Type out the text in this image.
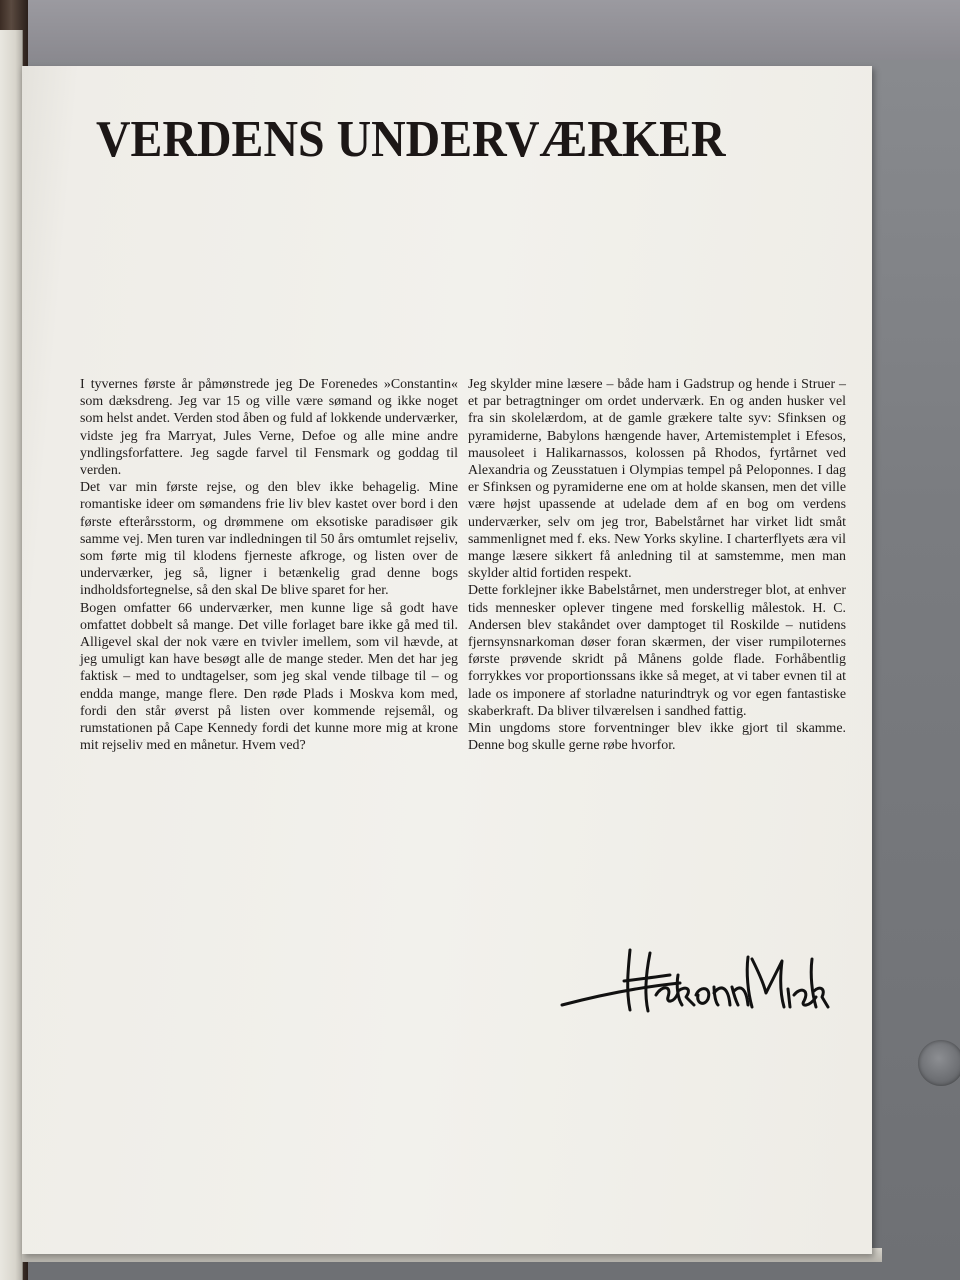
VERDENS UNDERVÆRKER

I tyvernes første år påmønstrede jeg De Forenedes »Constantin« som dæksdreng. Jeg var 15 og ville være sømand og ikke noget som helst andet. Verden stod åben og fuld af lokkende underværker, vidste jeg fra Marryat, Jules Verne, Defoe og alle mine andre yndlingsforfattere. Jeg sagde farvel til Fensmark og goddag til verden.

Det var min første rejse, og den blev ikke behagelig. Mine romantiske ideer om sømandens frie liv blev kastet over bord i den første efterårsstorm, og drømmene om eksotiske paradisøer gik samme vej. Men turen var indledningen til 50 års omtumlet rejseliv, som førte mig til klodens fjerneste afkroge, og listen over de underværker, jeg så, ligner i betænkelig grad denne bogs indholdsfortegnelse, så den skal De blive sparet for her.

Bogen omfatter 66 underværker, men kunne lige så godt have omfattet dobbelt så mange. Det ville forlaget bare ikke gå med til. Alligevel skal der nok være en tvivler imellem, som vil hævde, at jeg umuligt kan have besøgt alle de mange steder. Men det har jeg faktisk – med to undtagelser, som jeg skal vende tilbage til – og endda mange, mange flere. Den røde Plads i Moskva kom med, fordi den står øverst på listen over kommende rejsemål, og rumstationen på Cape Kennedy fordi det kunne more mig at krone mit rejseliv med en månetur. Hvem ved?

Jeg skylder mine læsere – både ham i Gadstrup og hende i Struer – et par betragtninger om ordet underværk. En og anden husker vel fra sin skolelærdom, at de gamle grækere talte syv: Sfinksen og pyramiderne, Babylons hængende haver, Artemistemplet i Efesos, mausoleet i Halikarnassos, kolossen på Rhodos, fyrtårnet ved Alexandria og Zeusstatuen i Olympias tempel på Peloponnes. I dag er Sfinksen og pyramiderne ene om at holde skansen, men det ville være højst upassende at udelade dem af en bog om verdens underværker, selv om jeg tror, Babelstårnet har virket lidt småt sammenlignet med f. eks. New Yorks skyline. I charterflyets æra vil mange læsere sikkert få anledning til at samstemme, men man skylder altid fortiden respekt.

Dette forklejner ikke Babelstårnet, men understreger blot, at enhver tids mennesker oplever tingene med forskellig målestok. H. C. Andersen blev stakåndet over damptoget til Roskilde – nutidens fjernsynsnarkoman døser foran skærmen, der viser rumpiloternes første prøvende skridt på Månens golde flade. Forhåbentlig forrykkes vor proportionssans ikke så meget, at vi taber evnen til at lade os imponere af storladne naturindtryk og vor egen fantastiske skaberkraft. Da bliver tilværelsen i sandhed fattig.

Min ungdoms store forventninger blev ikke gjort til skamme. Denne bog skulle gerne røbe hvorfor.
